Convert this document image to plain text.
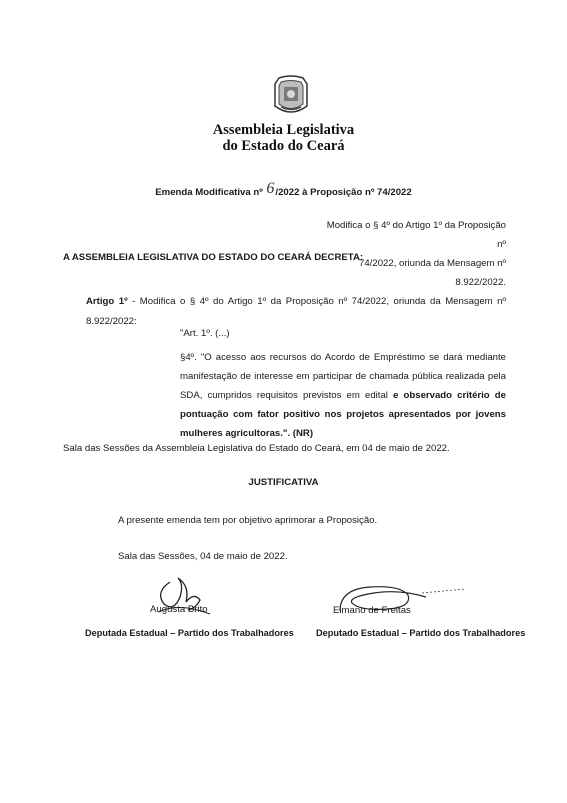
Assembleia Legislativa
do Estado do Ceará
Emenda Modificativa nº 6/2022 à Proposição nº 74/2022
Modifica o § 4º do Artigo 1º da Proposição nº
74/2022, oriunda da Mensagem nº 8.922/2022.
A ASSEMBLEIA LEGISLATIVA DO ESTADO DO CEARÁ DECRETA:
Artigo 1º - Modifica o § 4º do Artigo 1º da Proposição nº 74/2022, oriunda da Mensagem nº 8.922/2022:
"Art. 1º. (...)
§4º. "O acesso aos recursos do Acordo de Empréstimo se dará mediante manifestação de interesse em participar de chamada pública realizada pela SDA, cumpridos requisitos previstos em edital e observado critério de pontuação com fator positivo nos projetos apresentados por jovens mulheres agricultoras.". (NR)
Sala das Sessões da Assembleia Legislativa do Estado do Ceará, em 04 de maio de 2022.
JUSTIFICATIVA
A presente emenda tem por objetivo aprimorar a Proposição.
Sala das Sessões, 04 de maio de 2022.
Augusta Brito	Elmano de Freitas
Deputada Estadual – Partido dos Trabalhadores Deputado Estadual – Partido dos Trabalhadores
